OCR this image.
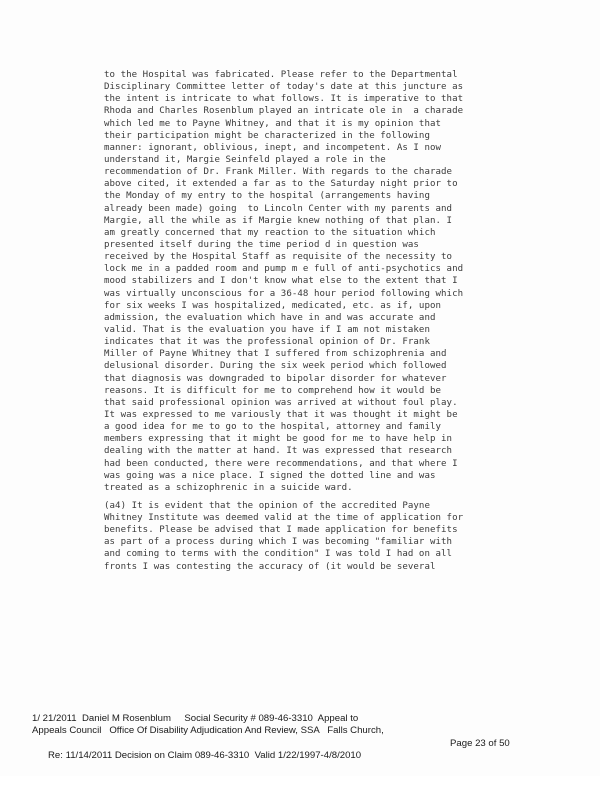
to the Hospital was fabricated. Please refer to the Departmental
Disciplinary Committee letter of today's date at this juncture as
the intent is intricate to what follows. It is imperative to that
Rhoda and Charles Rosenblum played an intricate ole in  a charade
which led me to Payne Whitney, and that it is my opinion that
their participation might be characterized in the following
manner: ignorant, oblivious, inept, and incompetent. As I now
understand it, Margie Seinfeld played a role in the
recommendation of Dr. Frank Miller. With regards to the charade
above cited, it extended a far as to the Saturday night prior to
the Monday of my entry to the hospital (arrangements having
already been made) going  to Lincoln Center with my parents and
Margie, all the while as if Margie knew nothing of that plan. I
am greatly concerned that my reaction to the situation which
presented itself during the time period d in question was
received by the Hospital Staff as requisite of the necessity to
lock me in a padded room and pump m e full of anti-psychotics and
mood stabilizers and I don't know what else to the extent that I
was virtually unconscious for a 36-48 hour period following which
for six weeks I was hospitalized, medicated, etc. as if, upon
admission, the evaluation which have in and was accurate and
valid. That is the evaluation you have if I am not mistaken
indicates that it was the professional opinion of Dr. Frank
Miller of Payne Whitney that I suffered from schizophrenia and
delusional disorder. During the six week period which followed
that diagnosis was downgraded to bipolar disorder for whatever
reasons. It is difficult for me to comprehend how it would be
that said professional opinion was arrived at without foul play.
It was expressed to me variously that it was thought it might be
a good idea for me to go to the hospital, attorney and family
members expressing that it might be good for me to have help in
dealing with the matter at hand. It was expressed that research
had been conducted, there were recommendations, and that where I
was going was a nice place. I signed the dotted line and was
treated as a schizophrenic in a suicide ward.
(a4) It is evident that the opinion of the accredited Payne
Whitney Institute was deemed valid at the time of application for
benefits. Please be advised that I made application for benefits
as part of a process during which I was becoming "familiar with
and coming to terms with the condition" I was told I had on all
fronts I was contesting the accuracy of (it would be several
1/ 21/2011  Daniel M Rosenblum     Social Security # 089-46-3310  Appeal to
Appeals Council   Office Of Disability Adjudication And Review, SSA   Falls Church,

Re: 11/14/2011 Decision on Claim 089-46-3310  Valid 1/22/1997-4/8/2010

Page 23 of 50
